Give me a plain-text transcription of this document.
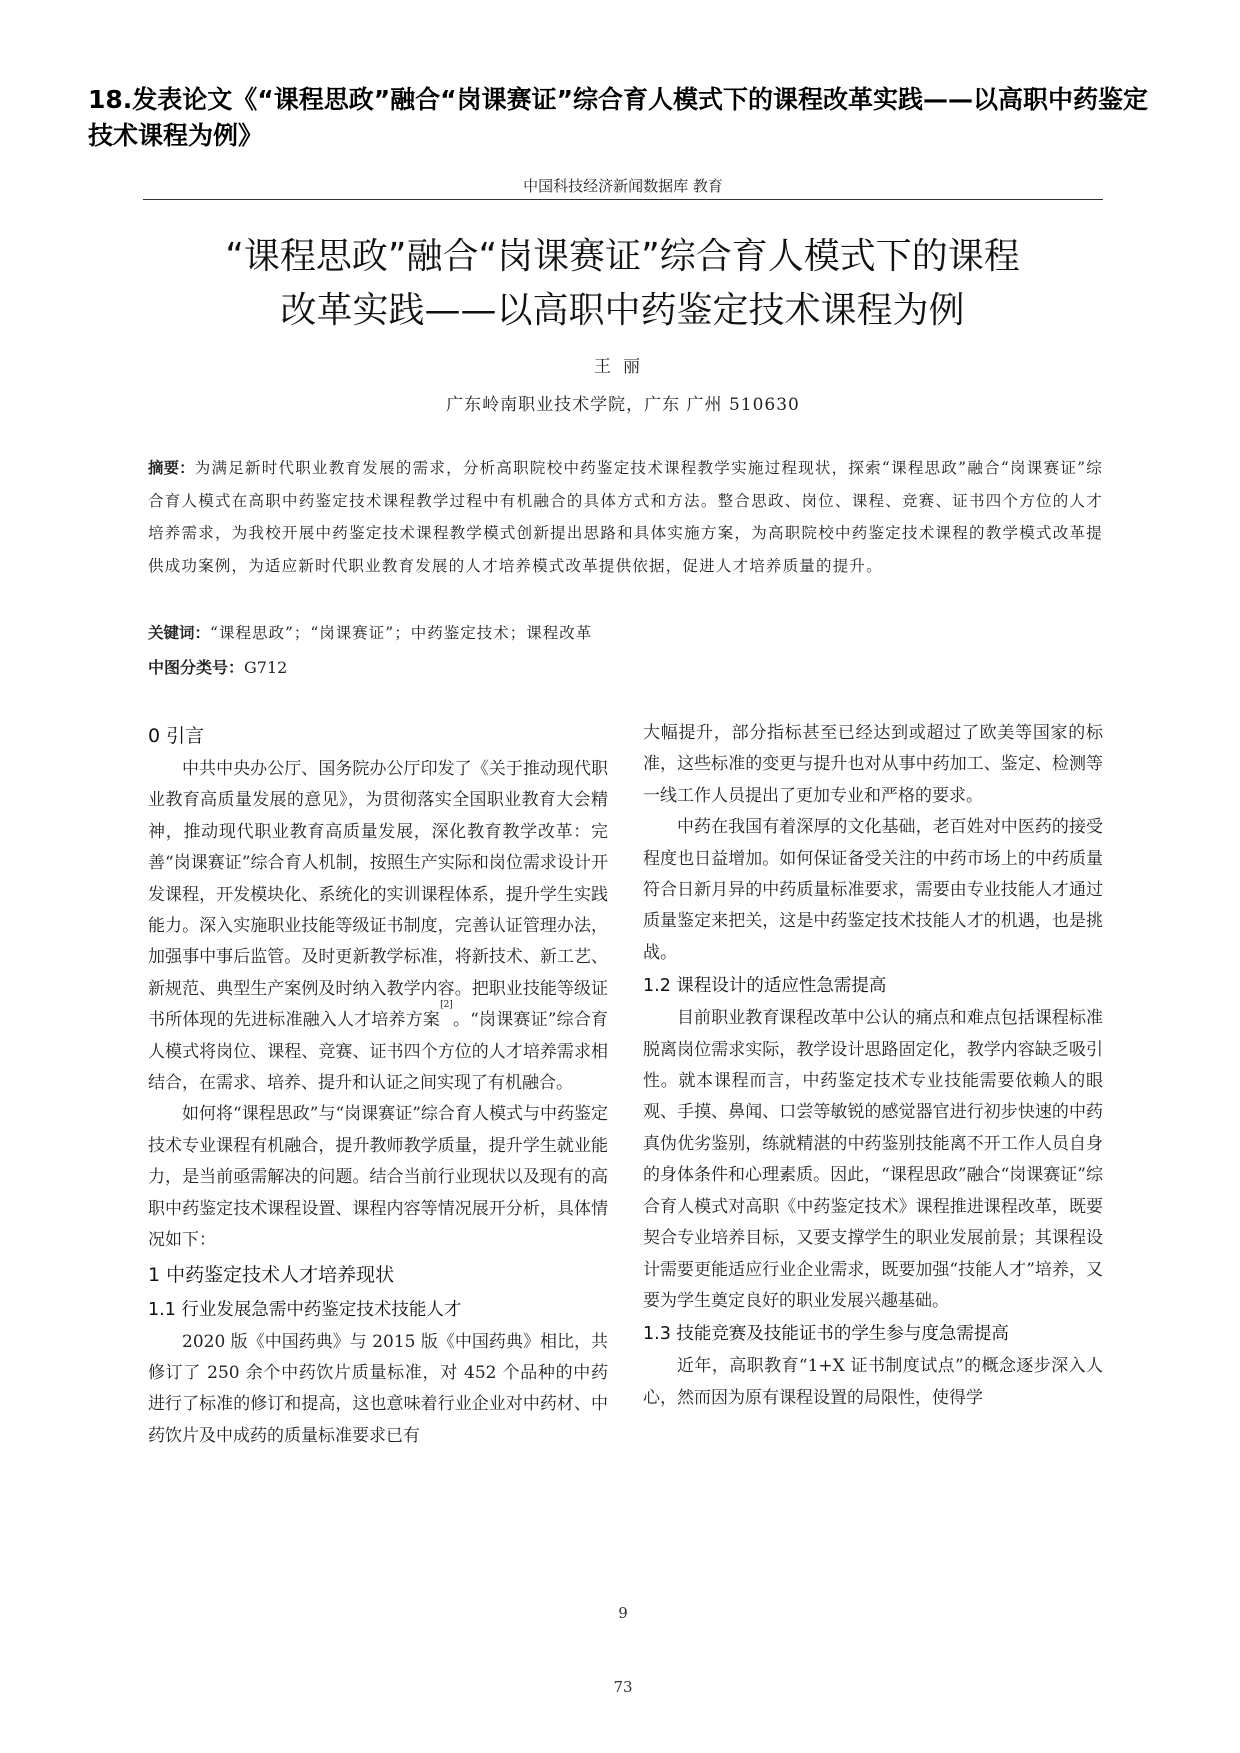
18.发表论文《“课程思政”融合“岗课赛证”综合育人模式下的课程改革实践——以高职中药鉴定技术课程为例》
中国科技经济新闻数据库 教育
“课程思政”融合“岗课赛证”综合育人模式下的课程
改革实践——以高职中药鉴定技术课程为例
王丽
广东岭南职业技术学院，广东 广州 510630
摘要：为满足新时代职业教育发展的需求，分析高职院校中药鉴定技术课程教学实施过程现状，探索“课程思政”融合“岗课赛证”综合育人模式在高职中药鉴定技术课程教学过程中有机融合的具体方式和方法。整合思政、岗位、课程、竞赛、证书四个方位的人才培养需求，为我校开展中药鉴定技术课程教学模式创新提出思路和具体实施方案，为高职院校中药鉴定技术课程的教学模式改革提供成功案例，为适应新时代职业教育发展的人才培养模式改革提供依据，促进人才培养质量的提升。
关键词：“课程思政”；“岗课赛证”；中药鉴定技术；课程改革
中图分类号：G712
0 引言

中共中央办公厅、国务院办公厅印发了《关于推动现代职业教育高质量发展的意见》，为贯彻落实全国职业教育大会精神，推动现代职业教育高质量发展，深化教育教学改革：完善“岗课赛证”综合育人机制，按照生产实际和岗位需求设计开发课程，开发模块化、系统化的实训课程体系，提升学生实践能力。深入实施职业技能等级证书制度，完善认证管理办法，加强事中事后监管。及时更新教学标准，将新技术、新工艺、新规范、典型生产案例及时纳入教学内容。把职业技能等级证书所体现的先进标准融入人才培养方案[2]。“岗课赛证”综合育人模式将岗位、课程、竞赛、证书四个方位的人才培养需求相结合，在需求、培养、提升和认证之间实现了有机融合。

如何将“课程思政”与“岗课赛证”综合育人模式与中药鉴定技术专业课程有机融合，提升教师教学质量，提升学生就业能力，是当前亟需解决的问题。结合当前行业现状以及现有的高职中药鉴定技术课程设置、课程内容等情况展开分析，具体情况如下：

1 中药鉴定技术人才培养现状
1.1 行业发展急需中药鉴定技术技能人才

2020 版《中国药典》与 2015 版《中国药典》相比，共修订了 250 余个中药饮片质量标准，对 452 个品种的中药进行了标准的修订和提高，这也意味着行业企业对中药材、中药饮片及中成药的质量标准要求已有

大幅提升，部分指标甚至已经达到或超过了欧美等国家的标准，这些标准的变更与提升也对从事中药加工、鉴定、检测等一线工作人员提出了更加专业和严格的要求。

中药在我国有着深厚的文化基础，老百姓对中医药的接受程度也日益增加。如何保证备受关注的中药市场上的中药质量符合日新月异的中药质量标准要求，需要由专业技能人才通过质量鉴定来把关，这是中药鉴定技术技能人才的机遇，也是挑战。

1.2 课程设计的适应性急需提高

目前职业教育课程改革中公认的痛点和难点包括课程标准脱离岗位需求实际，教学设计思路固定化，教学内容缺乏吸引性。就本课程而言，中药鉴定技术专业技能需要依赖人的眼观、手摸、鼻闻、口尝等敏锐的感觉器官进行初步快速的中药真伪优劣鉴别，练就精湛的中药鉴别技能离不开工作人员自身的身体条件和心理素质。因此，“课程思政”融合“岗课赛证”综合育人模式对高职《中药鉴定技术》课程推进课程改革，既要契合专业培养目标，又要支撑学生的职业发展前景；其课程设计需要更能适应行业企业需求，既要加强“技能人才”培养，又要为学生奠定良好的职业发展兴趣基础。

1.3 技能竞赛及技能证书的学生参与度急需提高

近年，高职教育“1+X 证书制度试点”的概念逐步深入人心，然而因为原有课程设置的局限性，使得学

9
73
